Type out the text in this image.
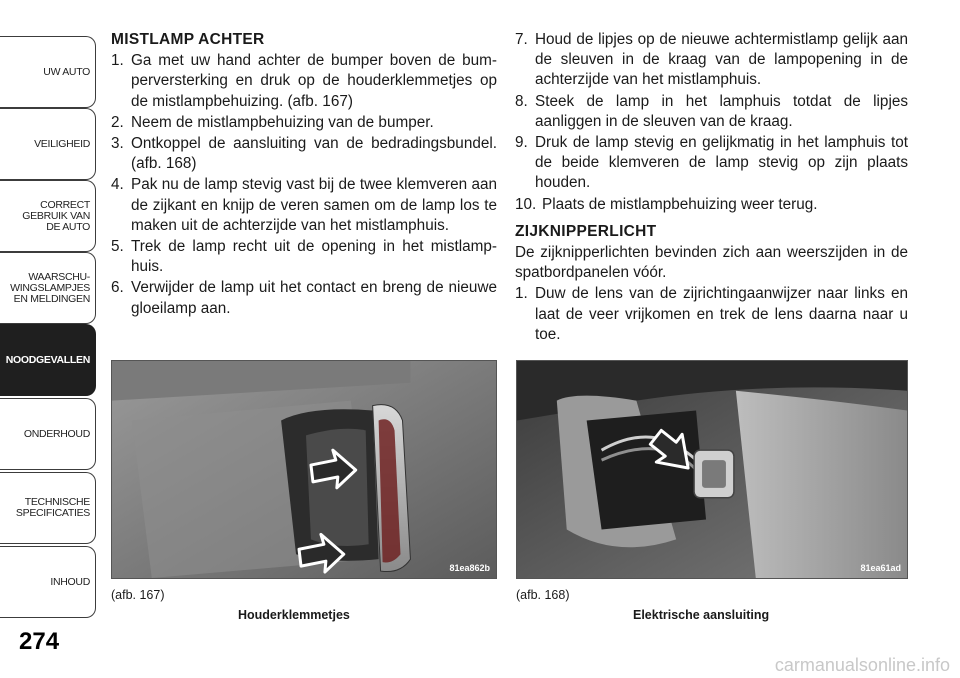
UW AUTO
VEILIGHEID
CORRECT
GEBRUIK VAN
DE AUTO
WAARSCHU-
WINGSLAMPJES
EN MELDINGEN
NOODGEVALLEN
ONDERHOUD
TECHNISCHE
SPECIFICATIES
INHOUD
274
MISTLAMP ACHTER
1. Ga met uw hand achter de bumper boven de bumperversterking en druk op de houderklemmetjes op de mistlampbehuizing. (afb. 167)
2. Neem de mistlampbehuizing van de bumper.
3. Ontkoppel de aansluiting van de bedradingsbundel. (afb. 168)
4. Pak nu de lamp stevig vast bij de twee klemveren aan de zijkant en knijp de veren samen om de lamp los te maken uit de achterzijde van het mistlamphuis.
5. Trek de lamp recht uit de opening in het mistlamphuis.
6. Verwijder de lamp uit het contact en breng de nieuwe gloeilamp aan.
7. Houd de lipjes op de nieuwe achtermistlamp gelijk aan de sleuven in de kraag van de lampopening in de achterzijde van het mistlamphuis.
8. Steek de lamp in het lamphuis totdat de lipjes aanliggen in de sleuven van de kraag.
9. Druk de lamp stevig en gelijkmatig in het lamphuis tot de beide klemveren de lamp stevig op zijn plaats houden.
10. Plaats de mistlampbehuizing weer terug.
ZIJKNIPPERLICHT
De zijknipperlichten bevinden zich aan weerszijden in de spatbordpanelen vóór.
1. Duw de lens van de zijrichtingaanwijzer naar links en laat de veer vrijkomen en trek de lens daarna naar u toe.
81ea862b
(afb. 167)
Houderklemmetjes
81ea61ad
(afb. 168)
Elektrische aansluiting
carmanualsonline.info
